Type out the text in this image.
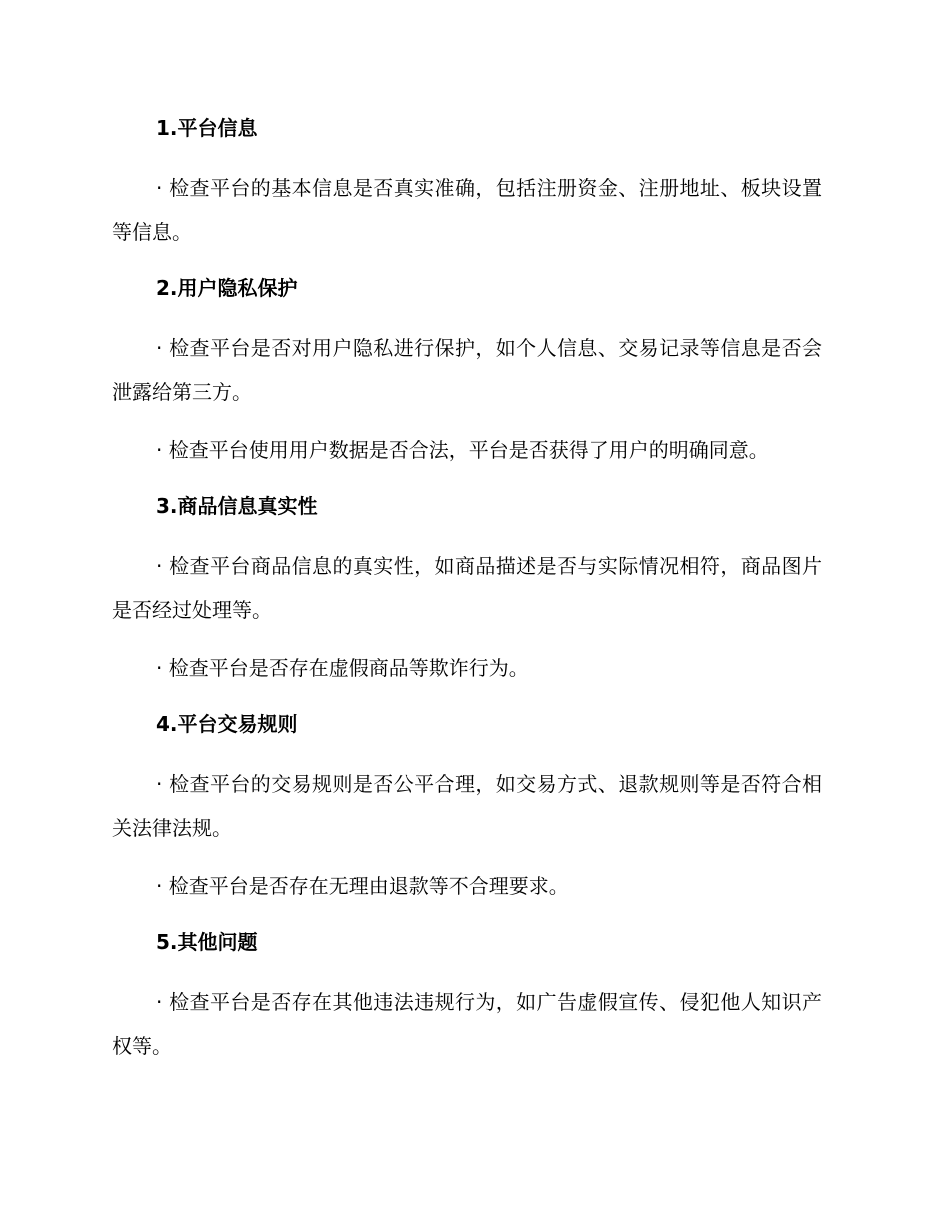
1.平台信息
· 检查平台的基本信息是否真实准确，包括注册资金、注册地址、板块设置等信息。
2.用户隐私保护
· 检查平台是否对用户隐私进行保护，如个人信息、交易记录等信息是否会泄露给第三方。
· 检查平台使用用户数据是否合法，平台是否获得了用户的明确同意。
3.商品信息真实性
· 检查平台商品信息的真实性，如商品描述是否与实际情况相符，商品图片是否经过处理等。
· 检查平台是否存在虚假商品等欺诈行为。
4.平台交易规则
· 检查平台的交易规则是否公平合理，如交易方式、退款规则等是否符合相关法律法规。
· 检查平台是否存在无理由退款等不合理要求。
5.其他问题
· 检查平台是否存在其他违法违规行为，如广告虚假宣传、侵犯他人知识产权等。
